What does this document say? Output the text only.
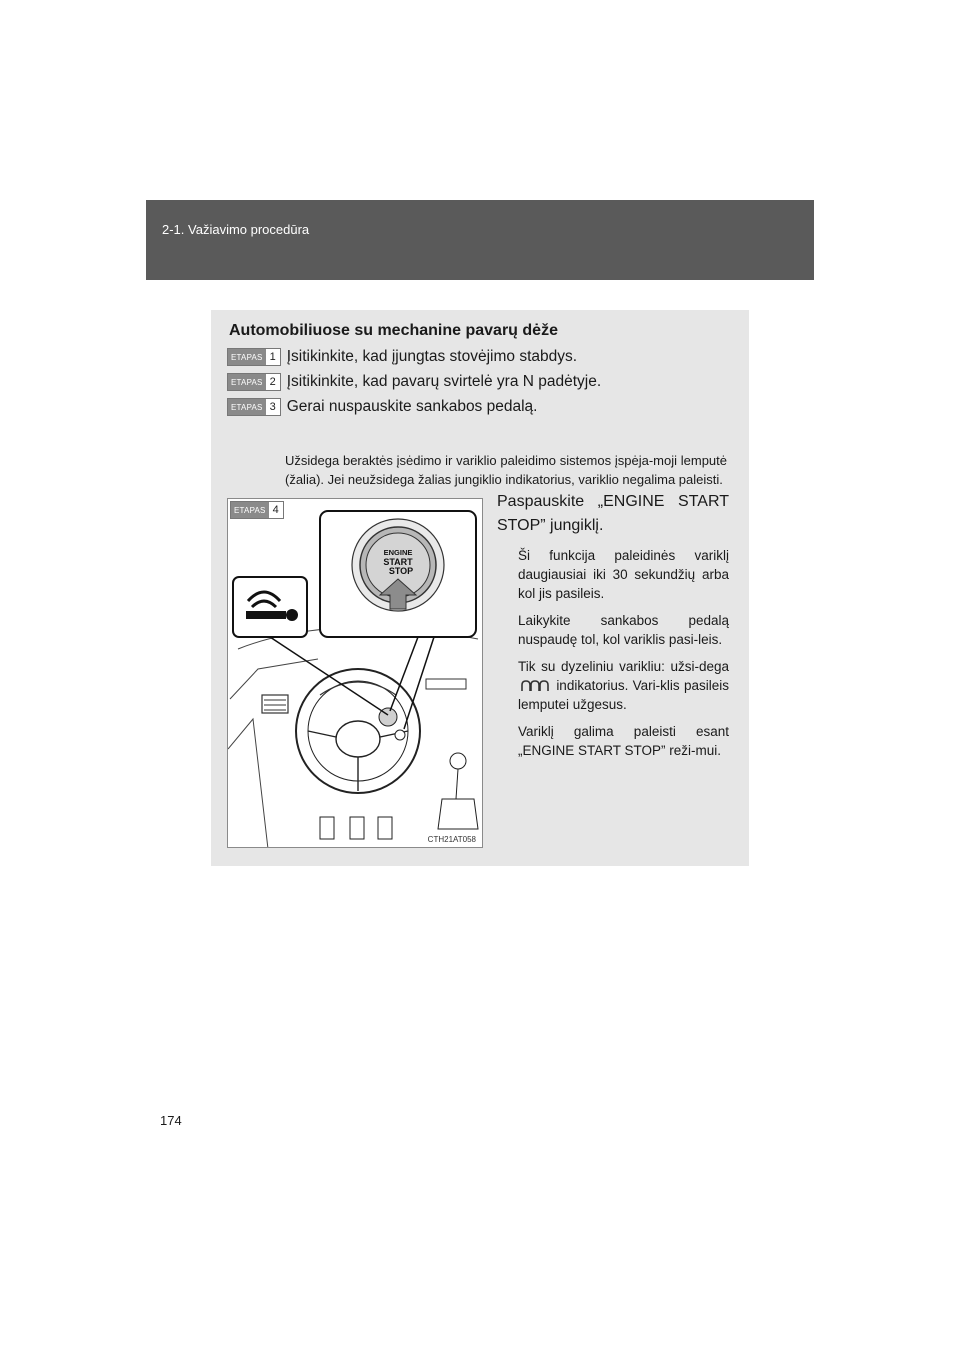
2-1. Važiavimo procedūra
Automobiliuose su mechanine pavarų dėže
ETAPAS 1 Įsitikinkite, kad įjungtas stovėjimo stabdys.
ETAPAS 2 Įsitikinkite, kad pavarų svirtelė yra N padėtyje.
ETAPAS 3 Gerai nuspauskite sankabos pedalą.
Užsidega beraktės įsėdimo ir variklio paleidimo sistemos įspėja-moji lemputė (žalia). Jei neužsidega žalias jungiklio indikatorius, variklio negalima paleisti.
ENGINE
START
STOP
ETAPAS 4
CTH21AT058
Paspauskite „ENGINE START STOP” jungiklį.

Ši funkcija paleidinės variklį daugiausiai iki 30 sekundžių arba kol jis pasileis.

Laikykite sankabos pedalą nuspaudę tol, kol variklis pasi-leis.

Tik su dyzeliniu varikliu: užsi-dega  indikatorius. Vari-klis pasileis lemputei užgesus.

Variklį galima paleisti esant „ENGINE START STOP” reži-mui.

174
